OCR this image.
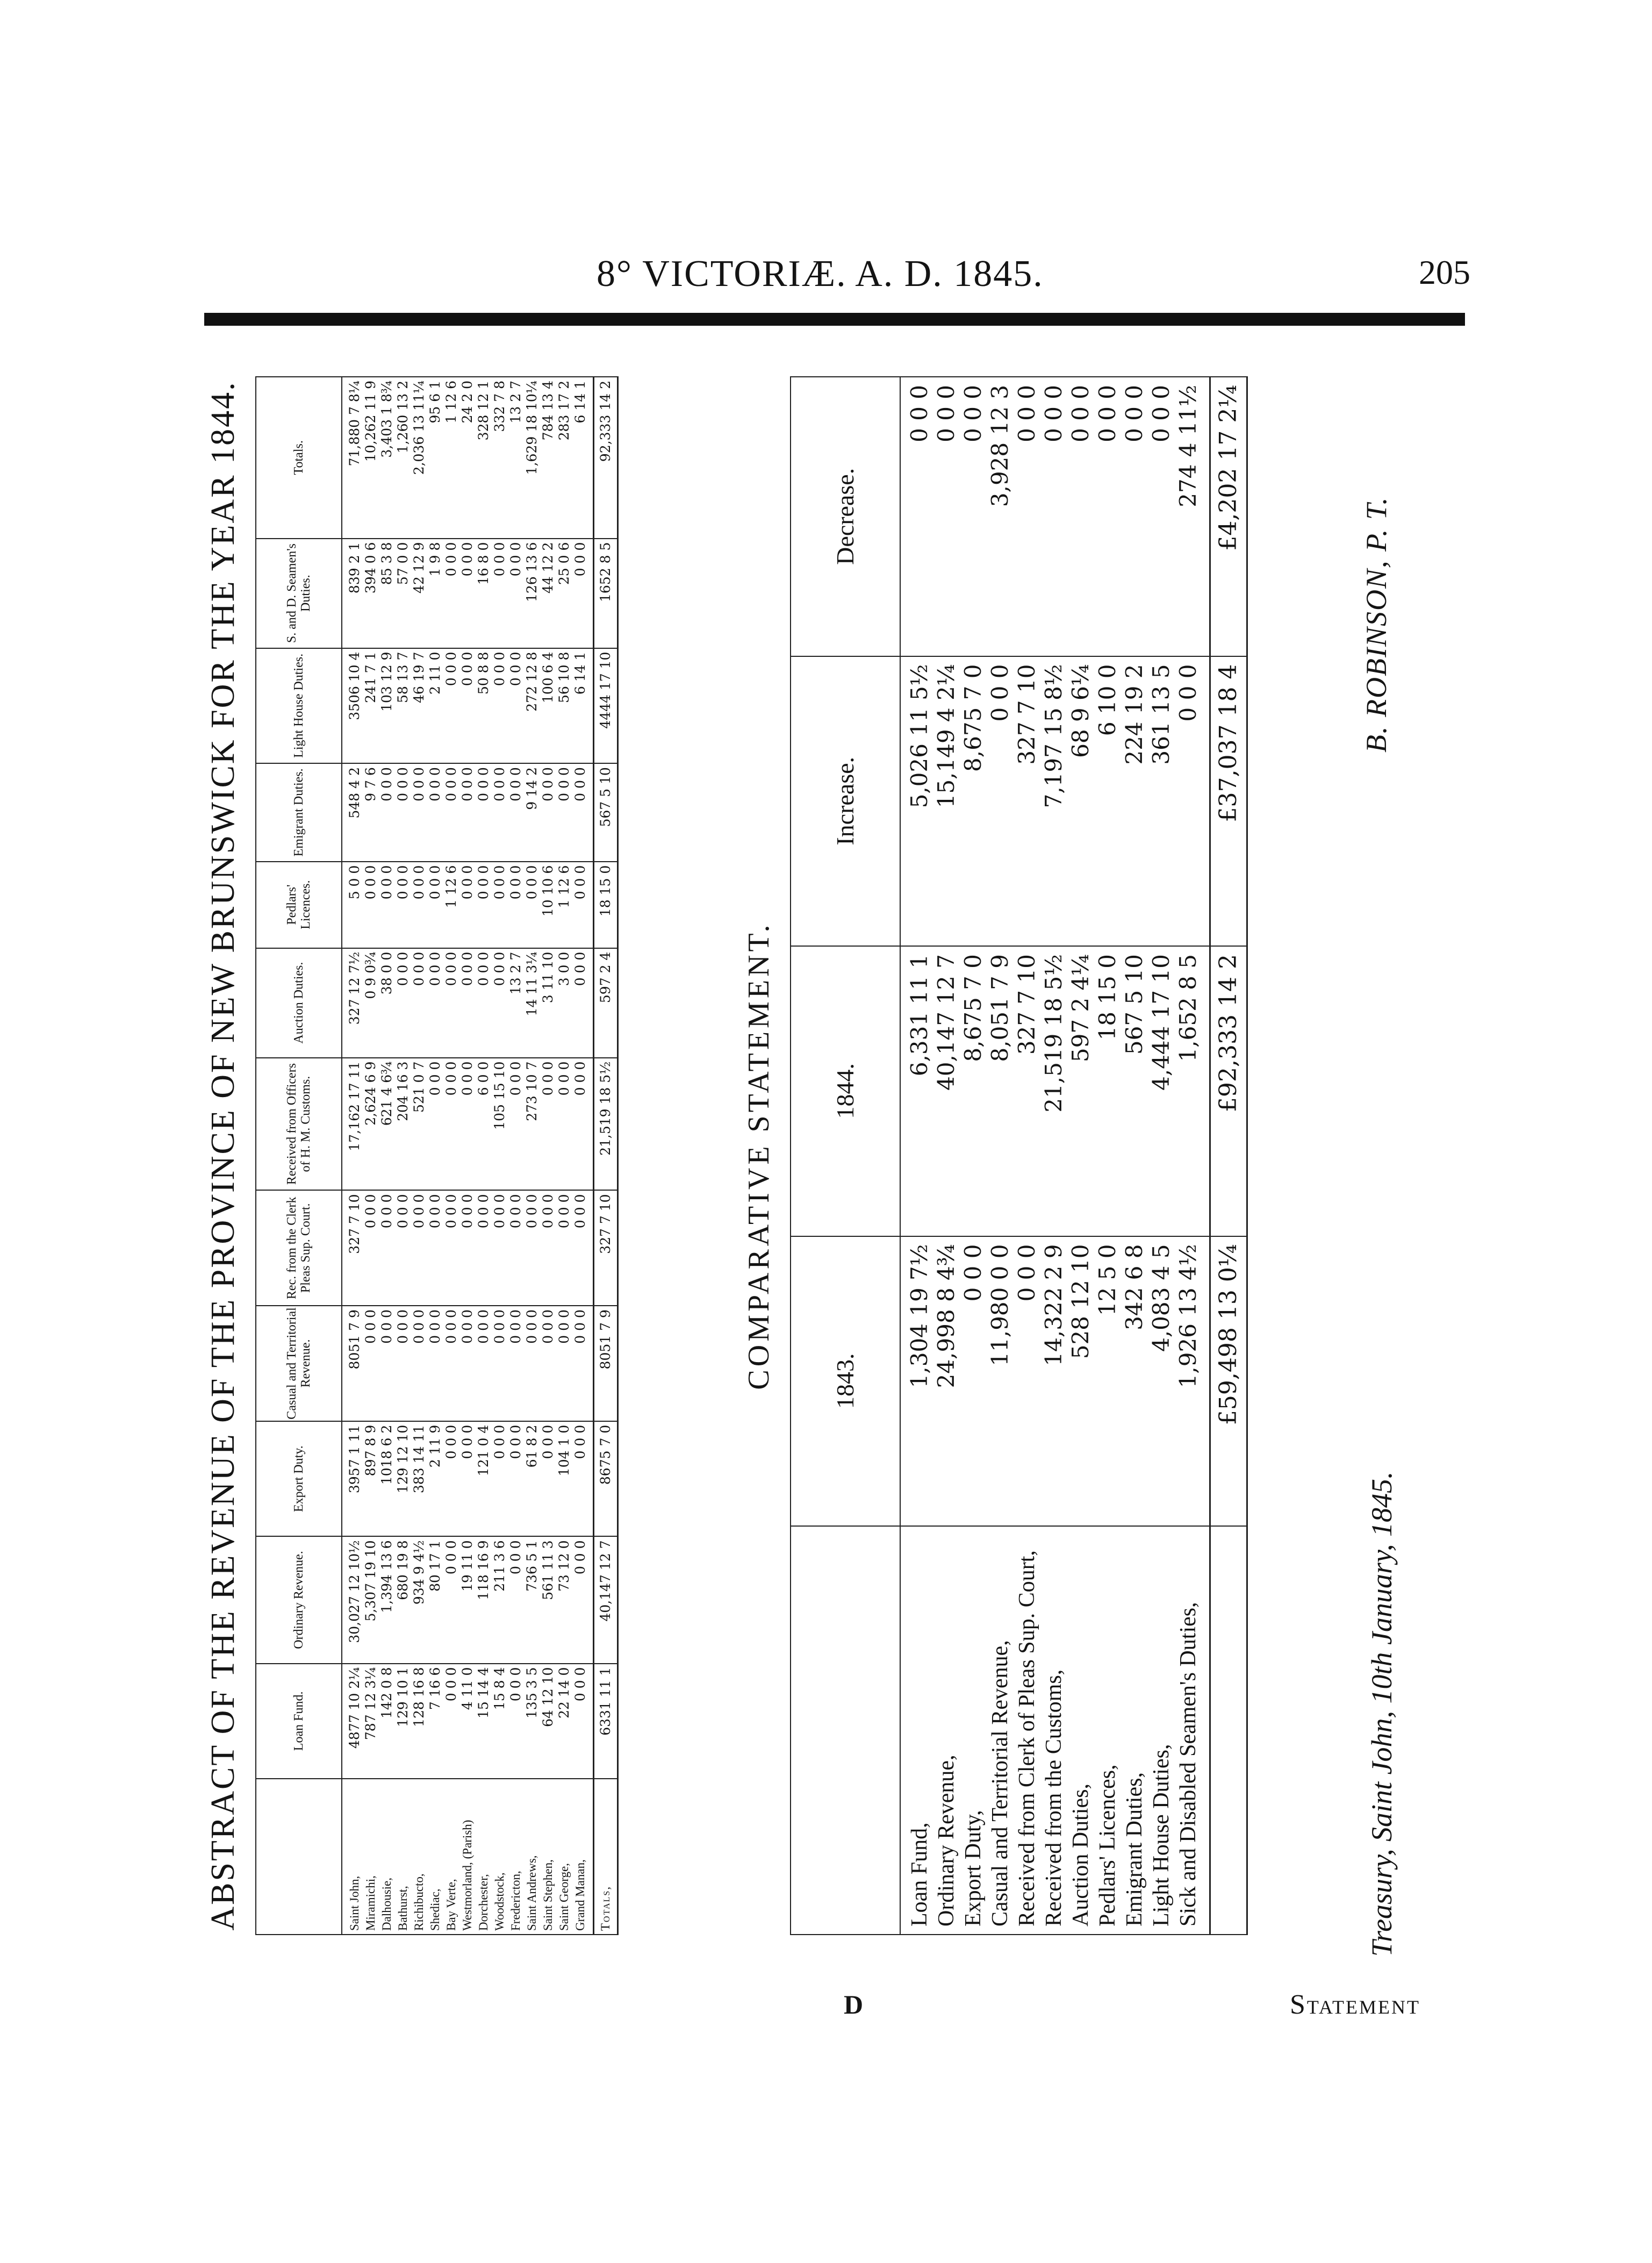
8° VICTORIÆ. A. D. 1845.	205
ABSTRACT OF THE REVENUE OF THE PROVINCE OF NEW BRUNSWICK FOR THE YEAR 1844.
		Loan Fund.	Ordinary Revenue.	Export Duty.	Casual and Territorial Revenue.	Rec. from the Clerk Pleas Sup. Court.	Received from Officers of H. M. Customs.	Auction Duties.	Pedlars' Licences.	Emigrant Duties.	Light House Duties.	S. and D. Seamen's Duties.	Totals.
Saint John,	4877 10 2¼	30,027 12 10½	3957 1 11	8051 7 9	327 7 10	17,162 17 11	327 12 7½	5 0 0	548 4 2	3506 10 4	839 2 1	71,880 7 8¼
Miramichi,	787 12 3¼	5,307 19 10	897 8 9	0 0 0	0 0 0	2,624 6 9	0 9 0¾	0 0 0	9 7 6	241 7 1	394 0 6	10,262 11 9
Dalhousie,	142 0 8	1,394 13 6	1018 6 2	0 0 0	0 0 0	621 4 6¾	38 0 0	0 0 0	0 0 0	103 12 9	85 3 8	3,403 1 8¾
Bathurst,	129 10 1	680 19 8	129 12 10	0 0 0	0 0 0	204 16 3	0 0 0	0 0 0	0 0 0	58 13 7	57 0 0	1,260 13 2
Richibucto,	128 16 8	934 9 4½	383 14 11	0 0 0	0 0 0	521 0 7	0 0 0	0 0 0	0 0 0	46 19 7	42 12 9	2,036 13 11¼
Shediac,	7 16 6	80 17 1	2 11 9	0 0 0	0 0 0	0 0 0	0 0 0	0 0 0	0 0 0	2 11 0	1 9 8	95 6 1
Bay Verte,	0 0 0	0 0 0	0 0 0	0 0 0	0 0 0	0 0 0	0 0 0	1 12 6	0 0 0	0 0 0	0 0 0	1 12 6
Westmorland, (Parish)	4 11 0	19 11 0	0 0 0	0 0 0	0 0 0	0 0 0	0 0 0	0 0 0	0 0 0	0 0 0	0 0 0	24 2 0
Dorchester,	15 14 4	118 16 9	121 0 4	0 0 0	0 0 0	6 0 0	0 0 0	0 0 0	0 0 0	50 8 8	16 8 0	328 12 1
Woodstock,	15 8 4	211 3 6	0 0 0	0 0 0	0 0 0	105 15 10	0 0 0	0 0 0	0 0 0	0 0 0	0 0 0	332 7 8
Fredericton,	0 0 0	0 0 0	0 0 0	0 0 0	0 0 0	0 0 0	13 2 7	0 0 0	0 0 0	0 0 0	0 0 0	13 2 7
Saint Andrews,	135 3 5	736 5 1	61 8 2	0 0 0	0 0 0	273 10 7	14 11 3¼	0 0 0	9 14 2	272 12 8	126 13 6	1,629 18 10¼
Saint Stephen,	64 12 10	561 11 3	0 0 0	0 0 0	0 0 0	0 0 0	3 11 10	10 10 6	0 0 0	100 6 4	44 12 2	784 13 4
Saint George,	22 14 0	73 12 0	104 1 0	0 0 0	0 0 0	0 0 0	3 0 0	1 12 6	0 0 0	56 10 8	25 0 6	283 17 2
Grand Manan,	0 0 0	0 0 0	0 0 0	0 0 0	0 0 0	0 0 0	0 0 0	0 0 0	0 0 0	6 14 1	0 0 0	6 14 1
Totals,	6331 11 1	40,147 12 7	8675 7 0	8051 7 9	327 7 10	21,519 18 5½	597 2 4	18 15 0	567 5 10	4444 17 10	1652 8 5	92,333 14 2
COMPARATIVE STATEMENT.
	1843.	1844.	Increase.	Decrease.
Loan Fund,	1,304 19 7½	6,331 11 1	5,026 11 5½	0 0 0
Ordinary Revenue,	24,998 8 4¾	40,147 12 7	15,149 4 2¼	0 0 0
Export Duty,	0 0 0	8,675 7 0	8,675 7 0	0 0 0
Casual and Territorial Revenue,	11,980 0 0	8,051 7 9	0 0 0	3,928 12 3
Received from Clerk of Pleas Sup. Court,	0 0 0	327 7 10	327 7 10	0 0 0
Received from the Customs,	14,322 2 9	21,519 18 5½	7,197 15 8½	0 0 0
Auction Duties,	528 12 10	597 2 4¼	68 9 6¼	0 0 0
Pedlars' Licences,	12 5 0	18 15 0	6 10 0	0 0 0
Emigrant Duties,	342 6 8	567 5 10	224 19 2	0 0 0
Light House Duties,	4,083 4 5	4,444 17 10	361 13 5	0 0 0
Sick and Disabled Seamen's Duties,	1,926 13 4½	1,652 8 5	0 0 0	274 4 11½
	£59,498 13 0¼	£92,333 14 2	£37,037 18 4	£4,202 17 2¼
Treasury, Saint John, 10th January, 1845.
B. ROBINSON, P. T.
D	Statement
